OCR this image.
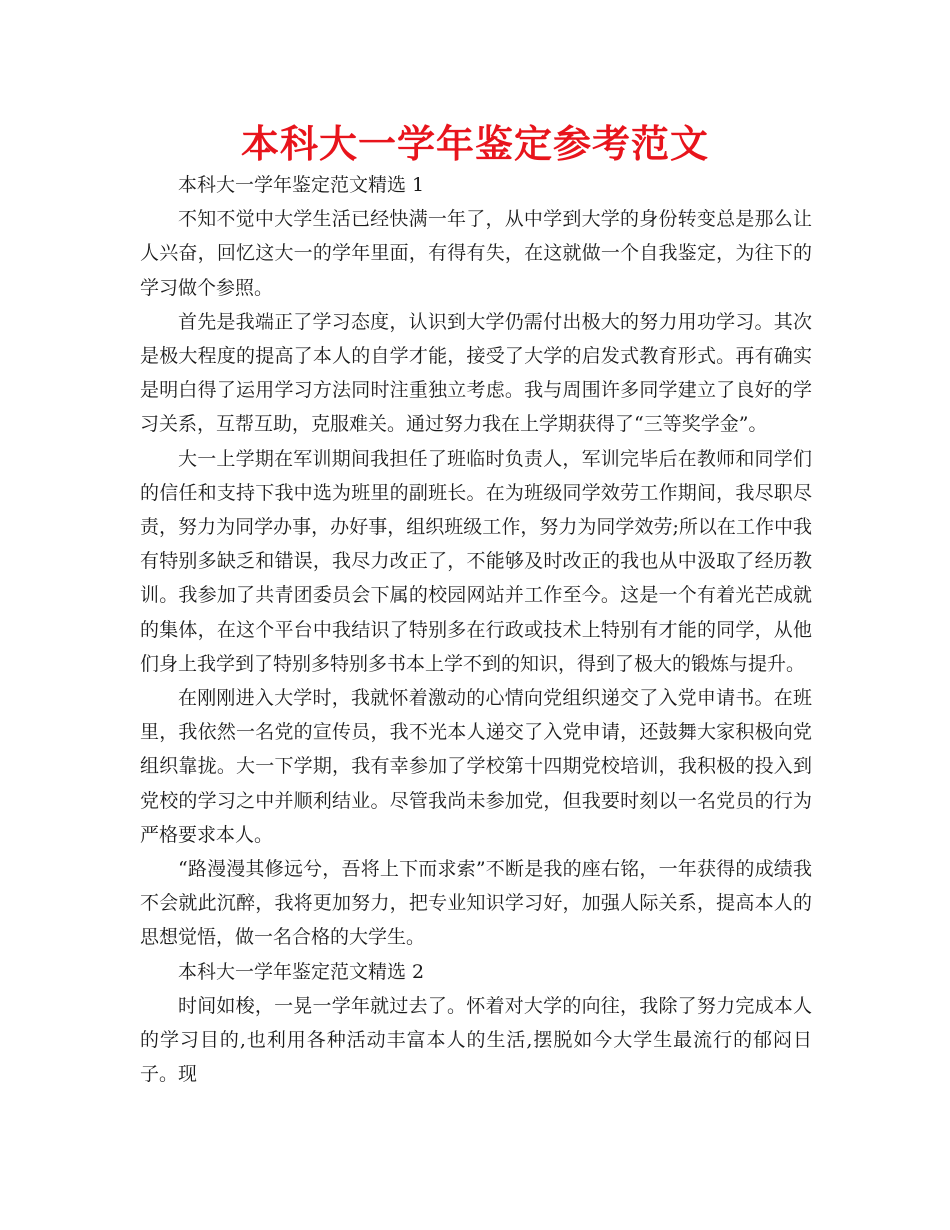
本科大一学年鉴定参考范文

本科大一学年鉴定范文精选 1

不知不觉中大学生活已经快满一年了，从中学到大学的身份转变总是那么让人兴奋，回忆这大一的学年里面，有得有失，在这就做一个自我鉴定，为往下的学习做个参照。

首先是我端正了学习态度，认识到大学仍需付出极大的努力用功学习。其次是极大程度的提高了本人的自学才能，接受了大学的启发式教育形式。再有确实是明白得了运用学习方法同时注重独立考虑。我与周围许多同学建立了良好的学习关系，互帮互助，克服难关。通过努力我在上学期获得了“三等奖学金”。

大一上学期在军训期间我担任了班临时负责人，军训完毕后在教师和同学们的信任和支持下我中选为班里的副班长。在为班级同学效劳工作期间，我尽职尽责，努力为同学办事，办好事，组织班级工作，努力为同学效劳;所以在工作中我有特别多缺乏和错误，我尽力改正了，不能够及时改正的我也从中汲取了经历教训。我参加了共青团委员会下属的校园网站并工作至今。这是一个有着光芒成就的集体，在这个平台中我结识了特别多在行政或技术上特别有才能的同学，从他们身上我学到了特别多特别多书本上学不到的知识，得到了极大的锻炼与提升。

在刚刚进入大学时，我就怀着激动的心情向党组织递交了入党申请书。在班里，我依然一名党的宣传员，我不光本人递交了入党申请，还鼓舞大家积极向党组织靠拢。大一下学期，我有幸参加了学校第十四期党校培训，我积极的投入到党校的学习之中并顺利结业。尽管我尚未参加党，但我要时刻以一名党员的行为严格要求本人。

“路漫漫其修远兮，吾将上下而求索”不断是我的座右铭，一年获得的成绩我不会就此沉醉，我将更加努力，把专业知识学习好，加强人际关系，提高本人的思想觉悟，做一名合格的大学生。

本科大一学年鉴定范文精选 2

时间如梭，一晃一学年就过去了。怀着对大学的向往，我除了努力完成本人的学习目的,也利用各种活动丰富本人的生活,摆脱如今大学生最流行的郁闷日子。现
